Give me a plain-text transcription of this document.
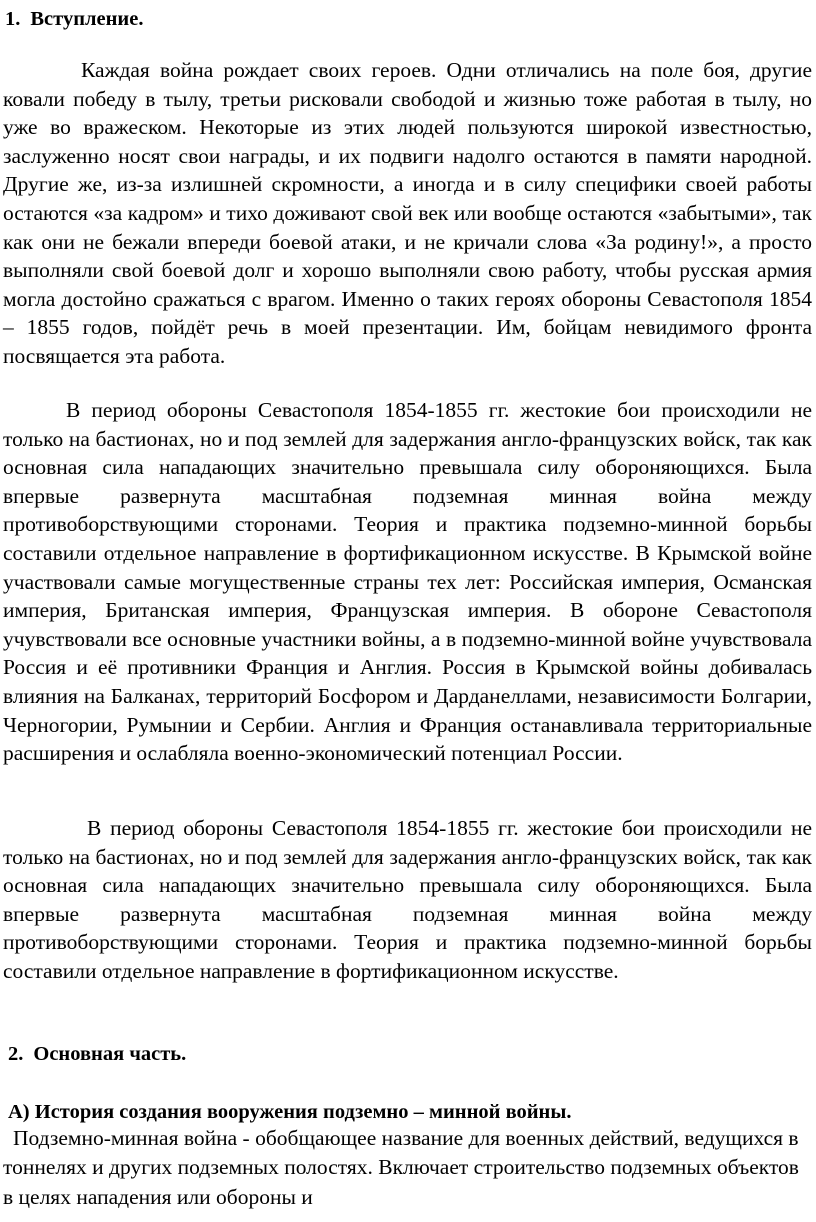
1. Вступление.

Каждая война рождает своих героев. Одни отличались на поле боя, другие ковали победу в тылу, третьи рисковали свободой и жизнью тоже работая в тылу, но уже во вражеском. Некоторые из этих людей пользуются широкой известностью, заслуженно носят свои награды, и их подвиги надолго остаются в памяти народной. Другие же, из-за излишней скромности, а иногда и в силу специфики своей работы остаются «за кадром» и тихо доживают свой век или вообще остаются «забытыми», так как они не бежали впереди боевой атаки, и не кричали слова «За родину!», а просто выполняли свой боевой долг и хорошо выполняли свою работу, чтобы русская армия могла достойно сражаться с врагом. Именно о таких героях обороны Севастополя 1854 – 1855 годов, пойдёт речь в моей презентации. Им, бойцам невидимого фронта посвящается эта работа.

В период обороны Севастополя 1854-1855 гг. жестокие бои происходили не только на бастионах, но и под землей для задержания англо-французских войск, так как основная сила нападающих значительно превышала силу обороняющихся. Была впервые развернута масштабная подземная минная война между противоборствующими сторонами. Теория и практика подземно-минной борьбы составили отдельное направление в фортификационном искусстве. В Крымской войне участвовали самые могущественные страны тех лет: Российская империя, Османская империя, Британская империя, Французская империя. В обороне Севастополя учувствовали все основные участники войны, а в подземно-минной войне учувствовала Россия и её противники Франция и Англия. Россия в Крымской войны добивалась влияния на Балканах, территорий Босфором и Дарданеллами, независимости Болгарии, Черногории, Румынии и Сербии. Англия и Франция останавливала территориальные расширения и ослабляла военно-экономический потенциал России.

В период обороны Севастополя 1854-1855 гг. жестокие бои происходили не только на бастионах, но и под землей для задержания англо-французских войск, так как основная сила нападающих значительно превышала силу обороняющихся. Была впервые развернута масштабная подземная минная война между противоборствующими сторонами. Теория и практика подземно-минной борьбы составили отдельное направление в фортификационном искусстве.

2. Основная часть.
А) История создания вооружения подземно – минной войны.

Подземно-минная война - обобщающее название для военных действий, ведущихся в тоннелях и других подземных полостях. Включает строительство подземных объектов в целях нападения или обороны и
